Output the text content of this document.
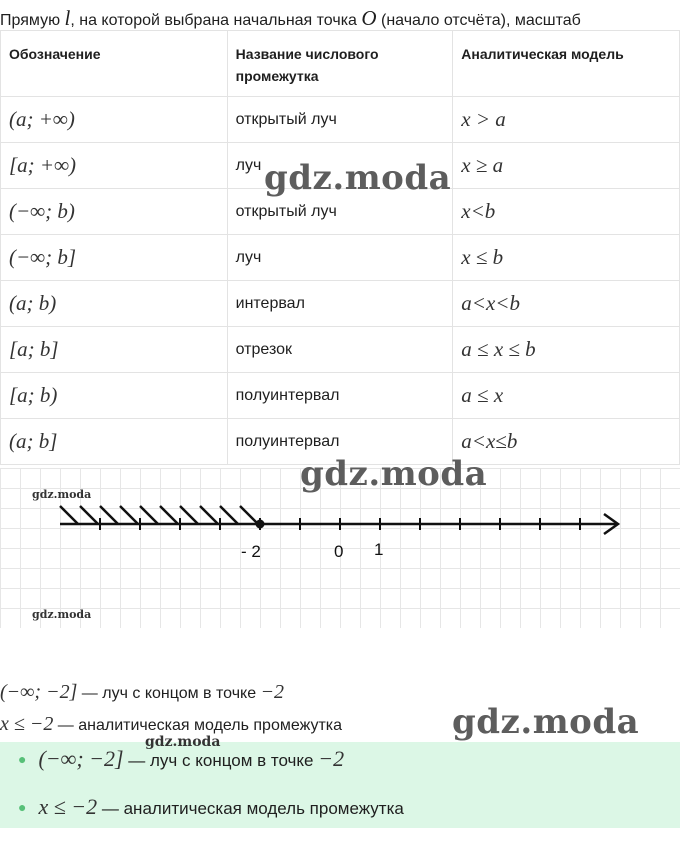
Прямую l, на которой выбрана начальная точка O (начало отсчёта), масштаб
Обозначение	Название числового промежутка	Аналитическая модель
(a; +∞)	открытый луч	x > a
[a; +∞)	луч	x ≥ a
(−∞; b)	открытый луч	x<b
(−∞; b]	луч	x ≤ b
(a; b)	интервал	a<x<b
[a; b]	отрезок	a ≤ x ≤ b
[a; b)	полуинтервал	a ≤ x
(a; b]	полуинтервал	a<x≤b
gdz.moda
gdz.moda
gdz.moda
gdz.moda
- 2	0 1
(−∞; −2] — луч с концом в точке −2
x ≤ −2 — аналитическая модель промежутка	gdz.moda
● (−∞; −2] — луч с концом в точке −2
● x ≤ −2 — аналитическая модель промежутка
gdz.moda
